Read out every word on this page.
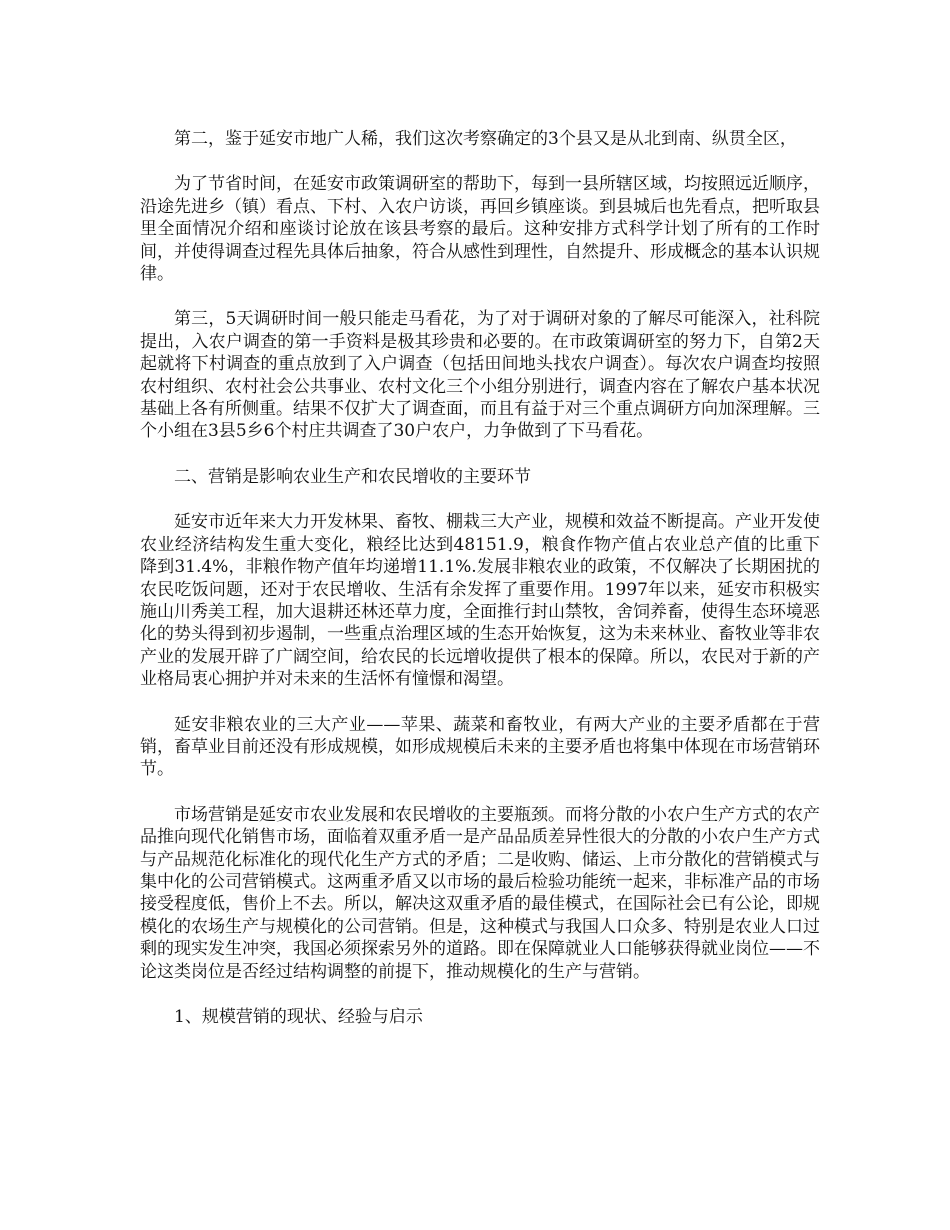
第二，鉴于延安市地广人稀，我们这次考察确定的3个县又是从北到南、纵贯全区，

为了节省时间，在延安市政策调研室的帮助下，每到一县所辖区域，均按照远近顺序，沿途先进乡（镇）看点、下村、入农户访谈，再回乡镇座谈。到县城后也先看点，把听取县里全面情况介绍和座谈讨论放在该县考察的最后。这种安排方式科学计划了所有的工作时间，并使得调查过程先具体后抽象，符合从感性到理性，自然提升、形成概念的基本认识规律。

第三，5天调研时间一般只能走马看花，为了对于调研对象的了解尽可能深入，社科院提出，入农户调查的第一手资料是极其珍贵和必要的。在市政策调研室的努力下，自第2天起就将下村调查的重点放到了入户调查（包括田间地头找农户调查）。每次农户调查均按照农村组织、农村社会公共事业、农村文化三个小组分别进行，调查内容在了解农户基本状况基础上各有所侧重。结果不仅扩大了调查面，而且有益于对三个重点调研方向加深理解。三个小组在3县5乡6个村庄共调查了30户农户，力争做到了下马看花。

二、营销是影响农业生产和农民增收的主要环节

延安市近年来大力开发林果、畜牧、棚栽三大产业，规模和效益不断提高。产业开发使农业经济结构发生重大变化，粮经比达到48151.9，粮食作物产值占农业总产值的比重下降到31.4%，非粮作物产值年均递增11.1%.发展非粮农业的政策，不仅解决了长期困扰的农民吃饭问题，还对于农民增收、生活有余发挥了重要作用。1997年以来，延安市积极实施山川秀美工程，加大退耕还林还草力度，全面推行封山禁牧，舍饲养畜，使得生态环境恶化的势头得到初步遏制，一些重点治理区域的生态开始恢复，这为未来林业、畜牧业等非农产业的发展开辟了广阔空间，给农民的长远增收提供了根本的保障。所以，农民对于新的产业格局衷心拥护并对未来的生活怀有憧憬和渴望。

延安非粮农业的三大产业——苹果、蔬菜和畜牧业，有两大产业的主要矛盾都在于营销，畜草业目前还没有形成规模，如形成规模后未来的主要矛盾也将集中体现在市场营销环节。

市场营销是延安市农业发展和农民增收的主要瓶颈。而将分散的小农户生产方式的农产品推向现代化销售市场，面临着双重矛盾一是产品品质差异性很大的分散的小农户生产方式与产品规范化标准化的现代化生产方式的矛盾；二是收购、储运、上市分散化的营销模式与集中化的公司营销模式。这两重矛盾又以市场的最后检验功能统一起来，非标准产品的市场接受程度低，售价上不去。所以，解决这双重矛盾的最佳模式，在国际社会已有公论，即规模化的农场生产与规模化的公司营销。但是，这种模式与我国人口众多、特别是农业人口过剩的现实发生冲突，我国必须探索另外的道路。即在保障就业人口能够获得就业岗位——不论这类岗位是否经过结构调整的前提下，推动规模化的生产与营销。

1、规模营销的现状、经验与启示
